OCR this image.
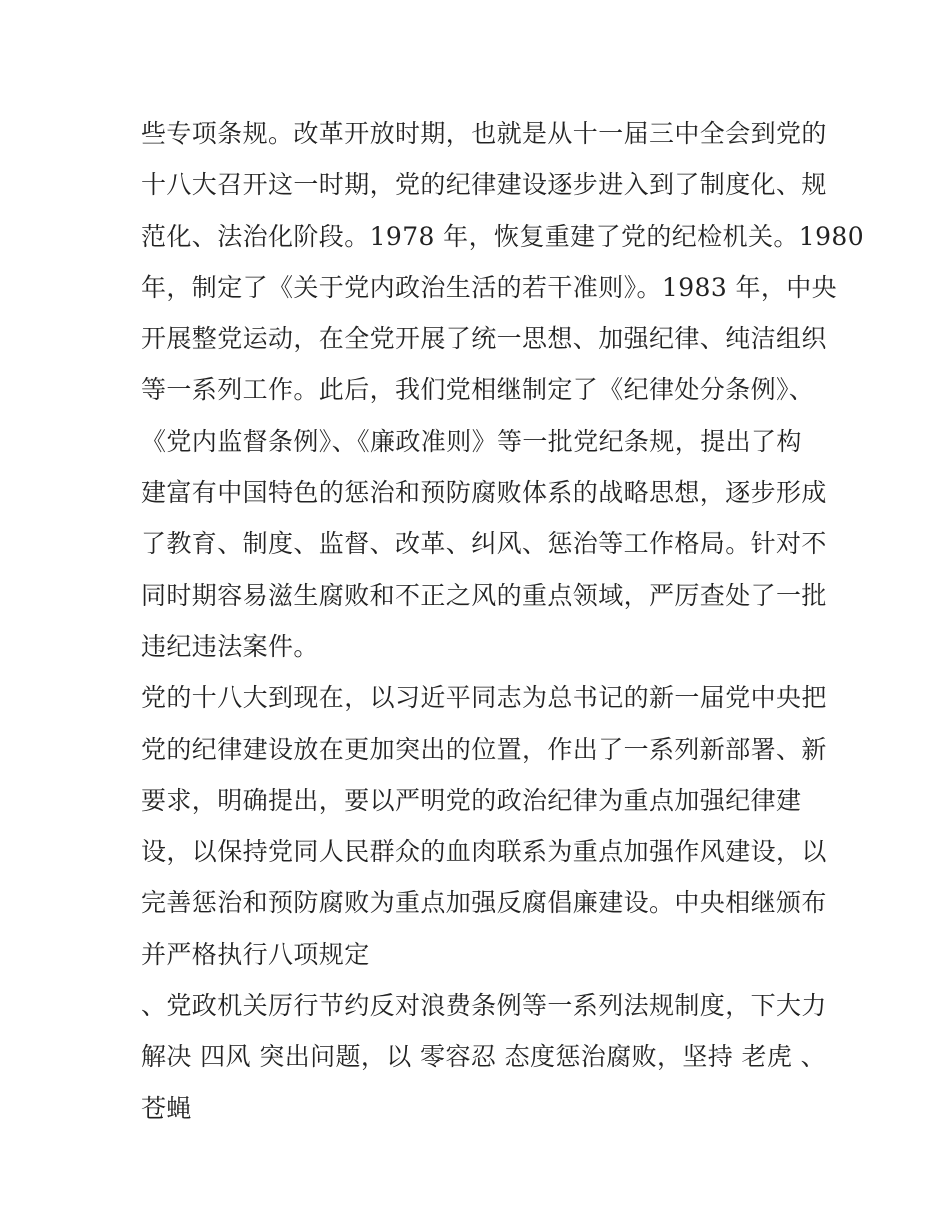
些专项条规。改革开放时期，也就是从十一届三中全会到党的
十八大召开这一时期，党的纪律建设逐步进入到了制度化、规
范化、法治化阶段。1978 年，恢复重建了党的纪检机关。1980
年，制定了《关于党内政治生活的若干准则》。1983 年，中央
开展整党运动，在全党开展了统一思想、加强纪律、纯洁组织
等一系列工作。此后，我们党相继制定了《纪律处分条例》、
《党内监督条例》、《廉政准则》等一批党纪条规，提出了构
建富有中国特色的惩治和预防腐败体系的战略思想，逐步形成
了教育、制度、监督、改革、纠风、惩治等工作格局。针对不
同时期容易滋生腐败和不正之风的重点领域，严厉查处了一批
违纪违法案件。
党的十八大到现在，以习近平同志为总书记的新一届党中央把
党的纪律建设放在更加突出的位置，作出了一系列新部署、新
要求，明确提出，要以严明党的政治纪律为重点加强纪律建
设，以保持党同人民群众的血肉联系为重点加强作风建设，以
完善惩治和预防腐败为重点加强反腐倡廉建设。中央相继颁布
并严格执行八项规定
、党政机关厉行节约反对浪费条例等一系列法规制度，下大力
解决 四风 突出问题，以 零容忍 态度惩治腐败，坚持 老虎 、
苍蝇
